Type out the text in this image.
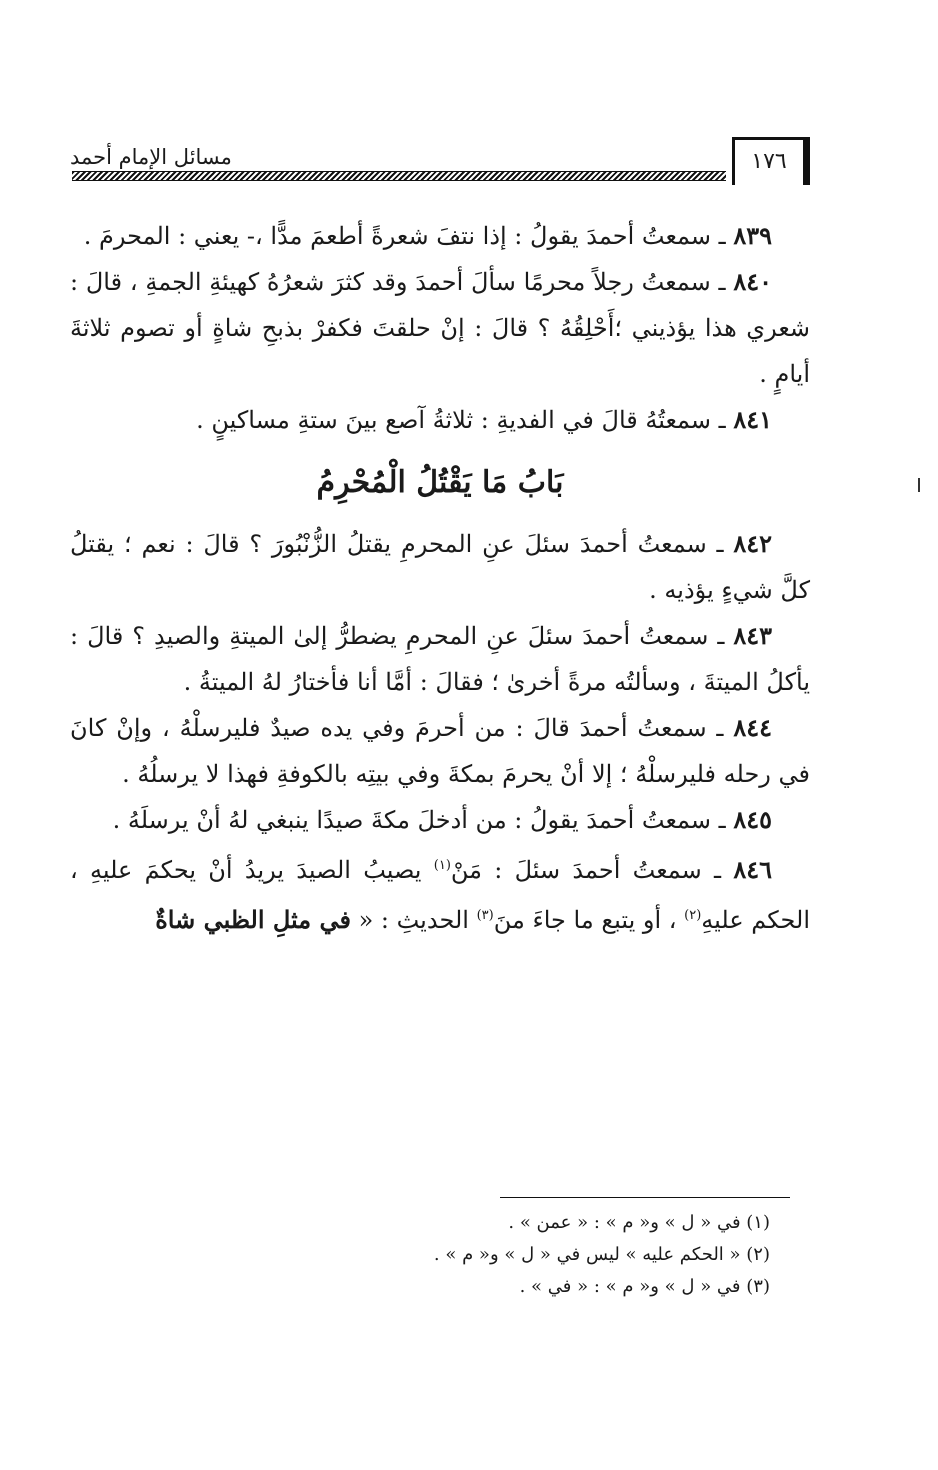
مسائل الإمام أحمد	١٧٦

٨٣٩ ـ سمعتُ أحمدَ يقولُ : إذا نتفَ شعرةً أطعمَ مدًّا ،- يعني : المحرمَ .

٨٤٠ ـ سمعتُ رجلاً محرمًا سألَ أحمدَ وقد كثرَ شعرُهُ كهيئةِ الجمةِ ، قالَ : شعري هذا يؤذيني ؛أَحْلِقُهُ ؟ قالَ : إنْ حلقتَ فكفرْ بذبحِ شاةٍ أو تصوم ثلاثةَ أيامٍ .

٨٤١ ـ سمعتُهُ قالَ في الفديةِ : ثلاثةُ آصع بينَ ستةِ مساكينٍ .

بَابُ مَا يَقْتُلُ الْمُحْرِمُ

٨٤٢ ـ سمعتُ أحمدَ سئلَ عنِ المحرمِ يقتلُ الزُّنْبُورَ ؟ قالَ : نعم ؛ يقتلُ كلَّ شيءٍ يؤذيه .

٨٤٣ ـ سمعتُ أحمدَ سئلَ عنِ المحرمِ يضطرُّ إلىٰ الميتةِ والصيدِ ؟ قالَ : يأكلُ الميتةَ ، وسألتُه مرةً أخرىٰ ؛ فقالَ : أمَّا أنا فأختارُ لهُ الميتةُ .

٨٤٤ ـ سمعتُ أحمدَ قالَ : من أحرمَ وفي يده صيدٌ فليرسلْهُ ، وإنْ كانَ في رحله فليرسلْهُ ؛ إلا أنْ يحرمَ بمكةَ وفي بيتِه بالكوفةِ فهذا لا يرسلُهُ .

٨٤٥ ـ سمعتُ أحمدَ يقولُ : من أدخلَ مكةَ صيدًا ينبغي لهُ أنْ يرسلَهُ .

٨٤٦ ـ سمعتُ أحمدَ سئلَ : مَنْ$^{(١)}$ يصيبُ الصيدَ يريدُ أنْ يحكمَ عليهِ ، الحكم عليهِ$^{(٢)}$ ، أو يتبع ما جاءَ منَ$^{(٣)}$ الحديثِ : « في مثلِ الظبي شاةٌ

(١) في « ل » و« م » : « عمن » .
(٢) « الحكم عليه » ليس في « ل » و« م » .
(٣) في « ل » و« م » : « في » .
